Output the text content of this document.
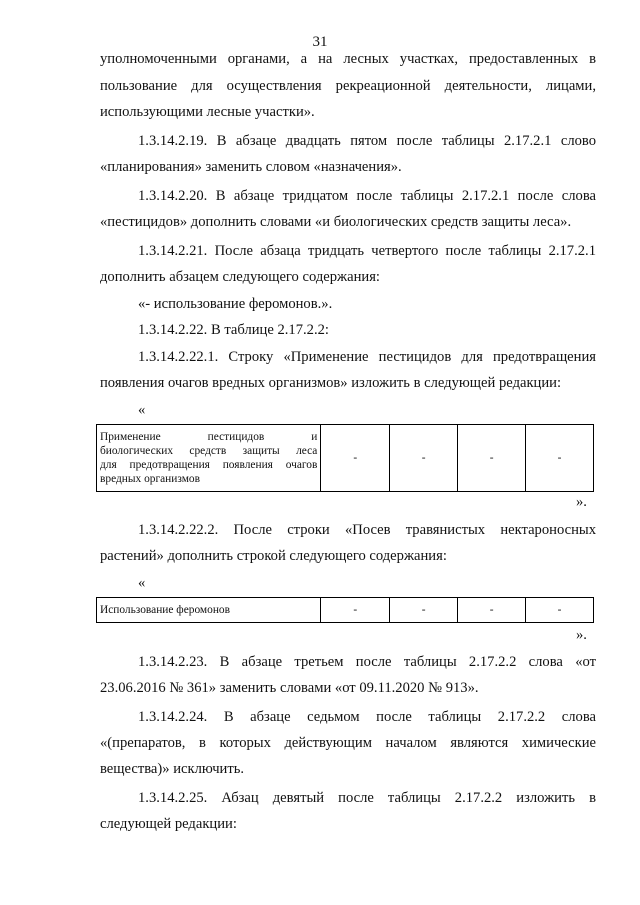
31
уполномоченными органами, а на лесных участках, предоставленных в
пользование для осуществления рекреационной деятельности, лицами,
использующими лесные участки».
1.3.14.2.19. В абзаце двадцать пятом после таблицы 2.17.2.1 слово
«планирования» заменить словом «назначения».
1.3.14.2.20. В абзаце тридцатом после таблицы 2.17.2.1 после слова
«пестицидов» дополнить словами «и биологических средств защиты леса».
1.3.14.2.21. После абзаца тридцать четвертого после таблицы 2.17.2.1
дополнить абзацем следующего содержания:
«- использование феромонов.».
1.3.14.2.22. В таблице 2.17.2.2:
1.3.14.2.22.1. Строку «Применение пестицидов для предотвращения
появления очагов вредных организмов» изложить в следующей редакции:
«
Применение пестицидов и
биологических средств защиты леса
для предотвращения появления очагов
вредных организмов
	-	-	-	-
».
1.3.14.2.22.2. После строки «Посев травянистых нектароносных
растений» дополнить строкой следующего содержания:
«
Использование феромонов	-	-	-	-
».
1.3.14.2.23. В абзаце третьем после таблицы 2.17.2.2 слова «от
23.06.2016 № 361» заменить словами «от 09.11.2020 № 913».
1.3.14.2.24. В абзаце седьмом после таблицы 2.17.2.2 слова
«(препаратов, в которых действующим началом являются химические
вещества)» исключить.
1.3.14.2.25. Абзац девятый после таблицы 2.17.2.2 изложить в
следующей редакции:
